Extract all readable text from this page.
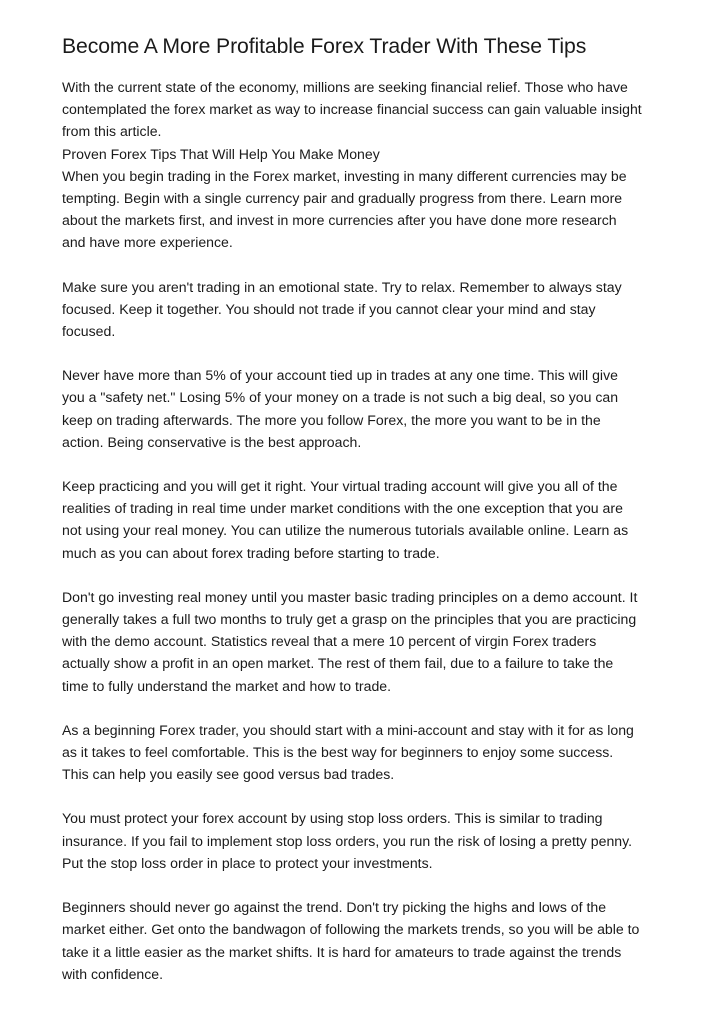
Become A More Profitable Forex Trader With These Tips

With the current state of the economy, millions are seeking financial relief. Those who have
contemplated the forex market as way to increase financial success can gain valuable insight
from this article.
Proven Forex Tips That Will Help You Make Money
When you begin trading in the Forex market, investing in many different currencies may be
tempting. Begin with a single currency pair and gradually progress from there. Learn more
about the markets first, and invest in more currencies after you have done more research
and have more experience.

Make sure you aren't trading in an emotional state. Try to relax. Remember to always stay
focused. Keep it together. You should not trade if you cannot clear your mind and stay
focused.

Never have more than 5% of your account tied up in trades at any one time. This will give
you a "safety net." Losing 5% of your money on a trade is not such a big deal, so you can
keep on trading afterwards. The more you follow Forex, the more you want to be in the
action. Being conservative is the best approach.

Keep practicing and you will get it right. Your virtual trading account will give you all of the
realities of trading in real time under market conditions with the one exception that you are
not using your real money. You can utilize the numerous tutorials available online. Learn as
much as you can about forex trading before starting to trade.

Don't go investing real money until you master basic trading principles on a demo account. It
generally takes a full two months to truly get a grasp on the principles that you are practicing
with the demo account. Statistics reveal that a mere 10 percent of virgin Forex traders
actually show a profit in an open market. The rest of them fail, due to a failure to take the
time to fully understand the market and how to trade.

As a beginning Forex trader, you should start with a mini-account and stay with it for as long
as it takes to feel comfortable. This is the best way for beginners to enjoy some success.
This can help you easily see good versus bad trades.

You must protect your forex account by using stop loss orders. This is similar to trading
insurance. If you fail to implement stop loss orders, you run the risk of losing a pretty penny.
Put the stop loss order in place to protect your investments.

Beginners should never go against the trend. Don't try picking the highs and lows of the
market either. Get onto the bandwagon of following the markets trends, so you will be able to
take it a little easier as the market shifts. It is hard for amateurs to trade against the trends
with confidence.
